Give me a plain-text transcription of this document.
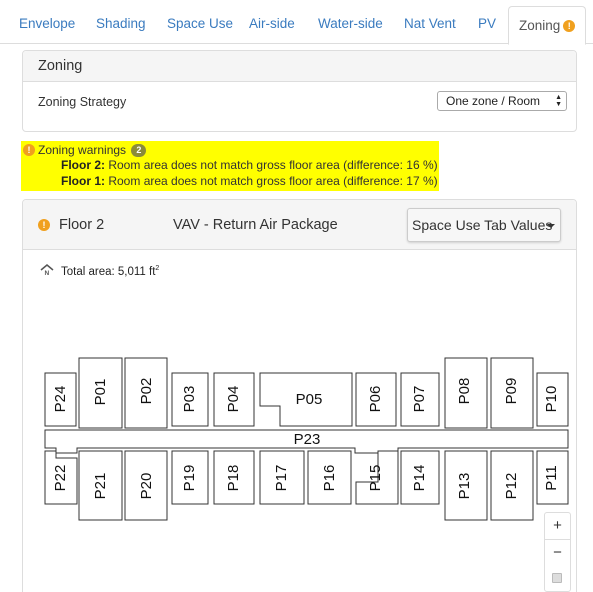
Envelope Shading Space Use Air-side Water-side Nat Vent PV	Zoning !
Zoning
Zoning Strategy	One zone / Room ▲
▼
! Zoning warnings 2
Floor 2: Room area does not match gross floor area (difference: 16 %)
Floor 1: Room area does not match gross floor area (difference: 17 %)
! Floor 2	VAV - Return Air Package	Space Use Tab Values
N Total area: 5,011 $ft^2$
P24 P01 P02 P03 P04	P06 P07 P08 P09 P10
P21 P20 P19 P18 P17 P16	P14 P13 P12 P11
P05
P23
P22	P15
+
−
